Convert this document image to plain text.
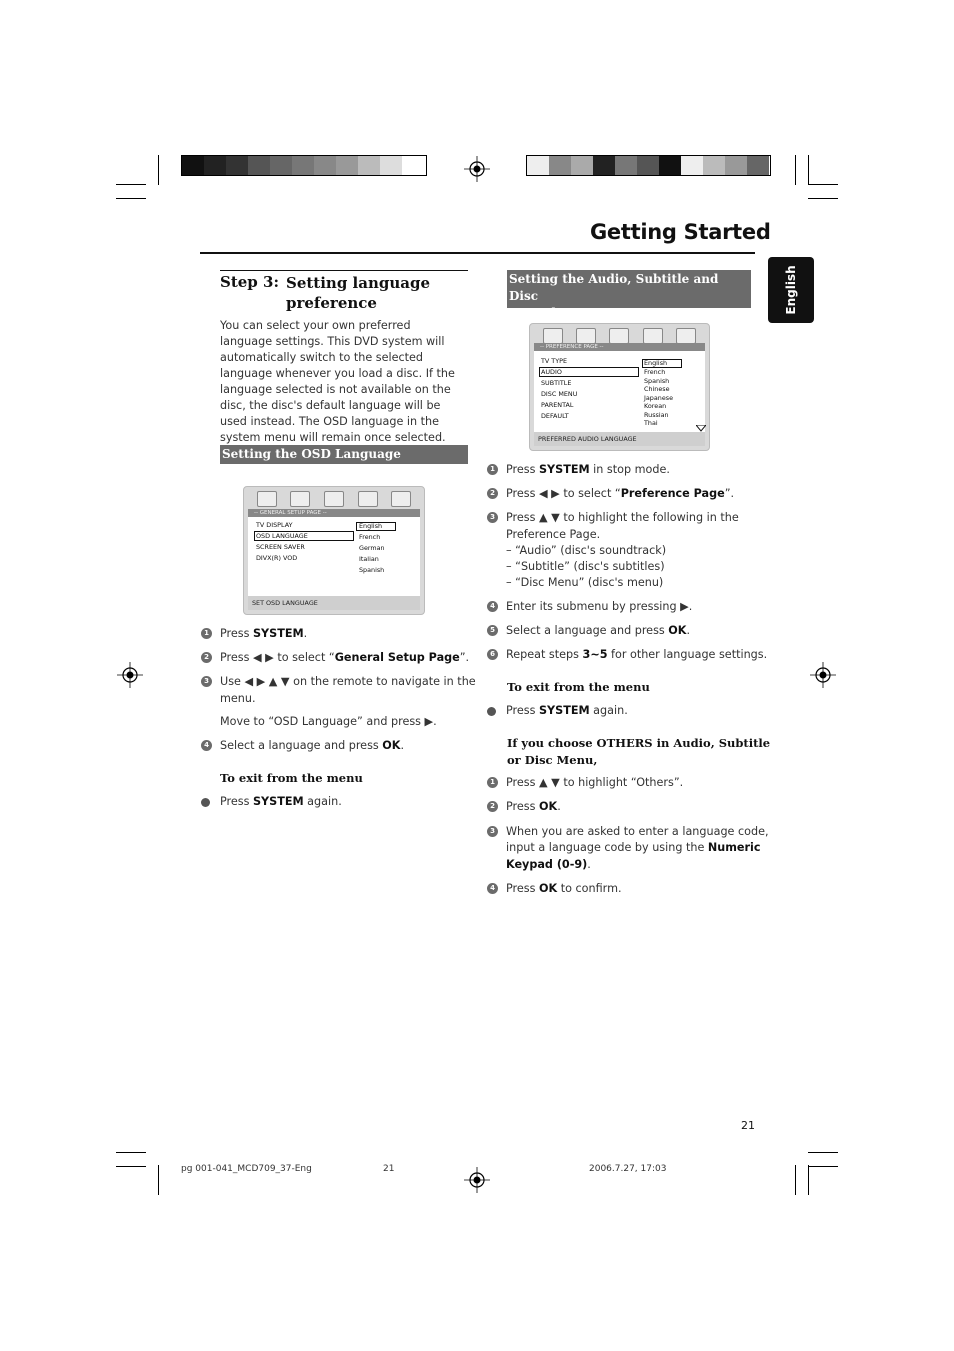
Getting Started
English
Step 3: Setting language preference
You can select your own preferred language settings. This DVD system will automatically switch to the selected language whenever you load a disc. If the language selected is not available on the disc, the disc's default language will be used instead. The OSD language in the system menu will remain once selected.
Setting the OSD Language
-- GENERAL SETUP PAGE --
TV DISPLAY
OSD LANGUAGE
SCREEN SAVER
DIVX(R) VOD
English
French
German
Italian
Spanish
SET OSD LANGUAGE
1 Press SYSTEM.
2 Press ◀ ▶ to select “General Setup Page”.
3 Use ◀ ▶ ▲ ▼ on the remote to navigate in the
menu.
Move to “OSD Language” and press ▶.
4 Select a language and press OK.
To exit from the menu
Press SYSTEM again.
Setting the Audio, Subtitle and Disc
Menu language
-- PREFERENCE PAGE --
TV TYPE
AUDIO
SUBTITLE
DISC MENU
PARENTAL
DEFAULT
English
French
Spanish
Chinese
Japanese
Korean
Russian
Thai
PREFERRED AUDIO LANGUAGE
1 Press SYSTEM in stop mode.
2 Press ◀ ▶ to select “Preference Page”.
3 Press ▲ ▼ to highlight the following in the
Preference Page.
– “Audio” (disc's soundtrack)
– “Subtitle” (disc's subtitles)
– “Disc Menu” (disc's menu)
4 Enter its submenu by pressing ▶.
5 Select a language and press OK.
6 Repeat steps 3~5 for other language settings.
To exit from the menu
Press SYSTEM again.
If you choose OTHERS in Audio, Subtitle
or Disc Menu,
1 Press ▲ ▼ to highlight “Others”.
2 Press OK.
3 When you are asked to enter a language code,
input a language code by using the Numeric
Keypad (0-9).
4 Press OK to confirm.
21
pg 001-041_MCD709_37-Eng	21	2006.7.27, 17:03
